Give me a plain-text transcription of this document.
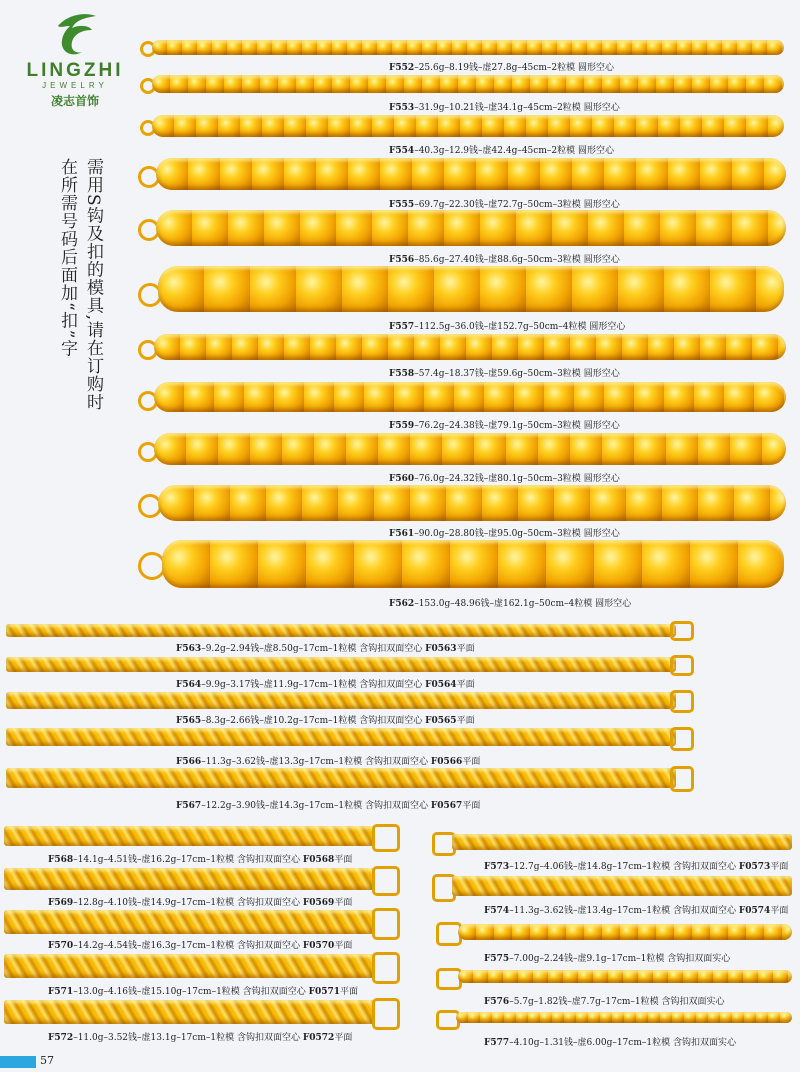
LINGZHI
JEWELRY
凌志首饰
需用S钩及扣的模具,请在订购时
在所需号码后面加“扣”字
F552–25.6g–8.19钱–虚27.8g–45cm–2粒模 圆形空心
F553–31.9g–10.21钱–虚34.1g–45cm–2粒模 圆形空心
F554–40.3g–12.9钱–虚42.4g–45cm–2粒模 圆形空心
F555–69.7g–22.30钱–虚72.7g–50cm–3粒模 圆形空心
F556–85.6g–27.40钱–虚88.6g–50cm–3粒模 圆形空心
F557–112.5g–36.0钱–虚152.7g–50cm–4粒模 圆形空心
F558–57.4g–18.37钱–虚59.6g–50cm–3粒模 圆形空心
F559–76.2g–24.38钱–虚79.1g–50cm–3粒模 圆形空心
F560–76.0g–24.32钱–虚80.1g–50cm–3粒模 圆形空心
F561–90.0g–28.80钱–虚95.0g–50cm–3粒模 圆形空心
F562–153.0g–48.96钱–虚162.1g–50cm–4粒模 圆形空心
F563–9.2g–2.94钱–虚8.50g–17cm–1粒模 含钩扣双面空心 F0563平面
F564–9.9g–3.17钱–虚11.9g–17cm–1粒模 含钩扣双面空心 F0564平面
F565–8.3g–2.66钱–虚10.2g–17cm–1粒模 含钩扣双面空心 F0565平面
F566–11.3g–3.62钱–虚13.3g–17cm–1粒模 含钩扣双面空心 F0566平面
F567–12.2g–3.90钱–虚14.3g–17cm–1粒模 含钩扣双面空心 F0567平面
F568–14.1g–4.51钱–虚16.2g–17cm–1粒模 含钩扣双面空心 F0568平面
F569–12.8g–4.10钱–虚14.9g–17cm–1粒模 含钩扣双面空心 F0569平面
F570–14.2g–4.54钱–虚16.3g–17cm–1粒模 含钩扣双面空心 F0570平面
F571–13.0g–4.16钱–虚15.10g–17cm–1粒模 含钩扣双面空心 F0571平面
F572–11.0g–3.52钱–虚13.1g–17cm–1粒模 含钩扣双面空心 F0572平面
F573–12.7g–4.06钱–虚14.8g–17cm–1粒模 含钩扣双面空心 F0573平面
F574–11.3g–3.62钱–虚13.4g–17cm–1粒模 含钩扣双面空心 F0574平面
F575–7.00g–2.24钱–虚9.1g–17cm–1粒模 含钩扣双面实心
F576–5.7g–1.82钱–虚7.7g–17cm–1粒模 含钩扣双面实心
F577–4.10g–1.31钱–虚6.00g–17cm–1粒模 含钩扣双面实心
57
